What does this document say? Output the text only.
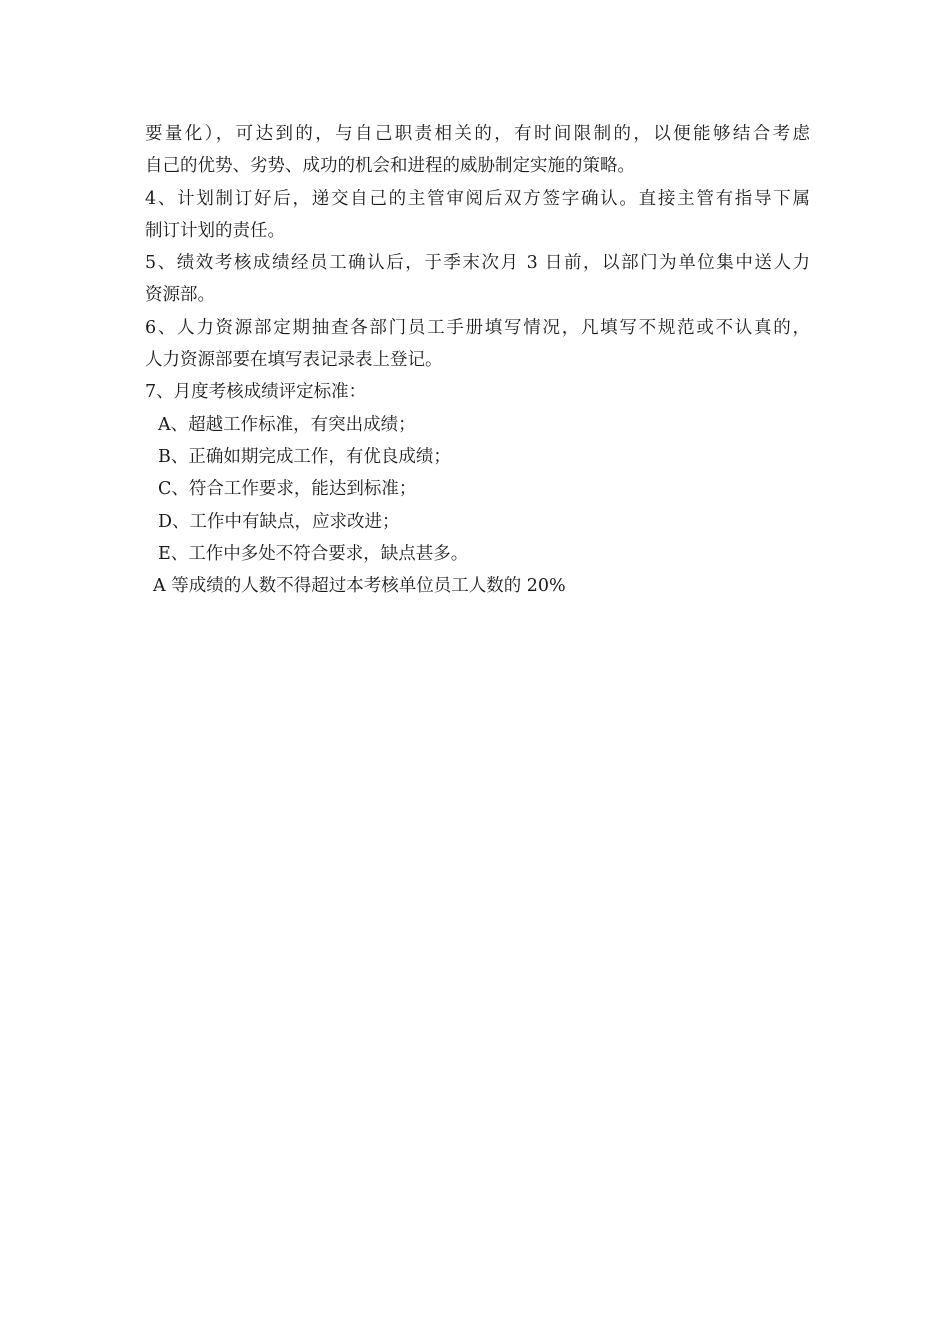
要量化），可达到的，与自己职责相关的，有时间限制的，以便能够结合考虑
自己的优势、劣势、成功的机会和进程的威胁制定实施的策略。
4、计划制订好后，递交自己的主管审阅后双方签字确认。直接主管有指导下属
制订计划的责任。
5、绩效考核成绩经员工确认后，于季末次月 3 日前，以部门为单位集中送人力
资源部。
6、人力资源部定期抽查各部门员工手册填写情况，凡填写不规范或不认真的，
人力资源部要在填写表记录表上登记。
7、月度考核成绩评定标准：
A、超越工作标准，有突出成绩；
B、正确如期完成工作，有优良成绩；
C、符合工作要求，能达到标准；
D、工作中有缺点，应求改进；
E、工作中多处不符合要求，缺点甚多。
A 等成绩的人数不得超过本考核单位员工人数的 20%
